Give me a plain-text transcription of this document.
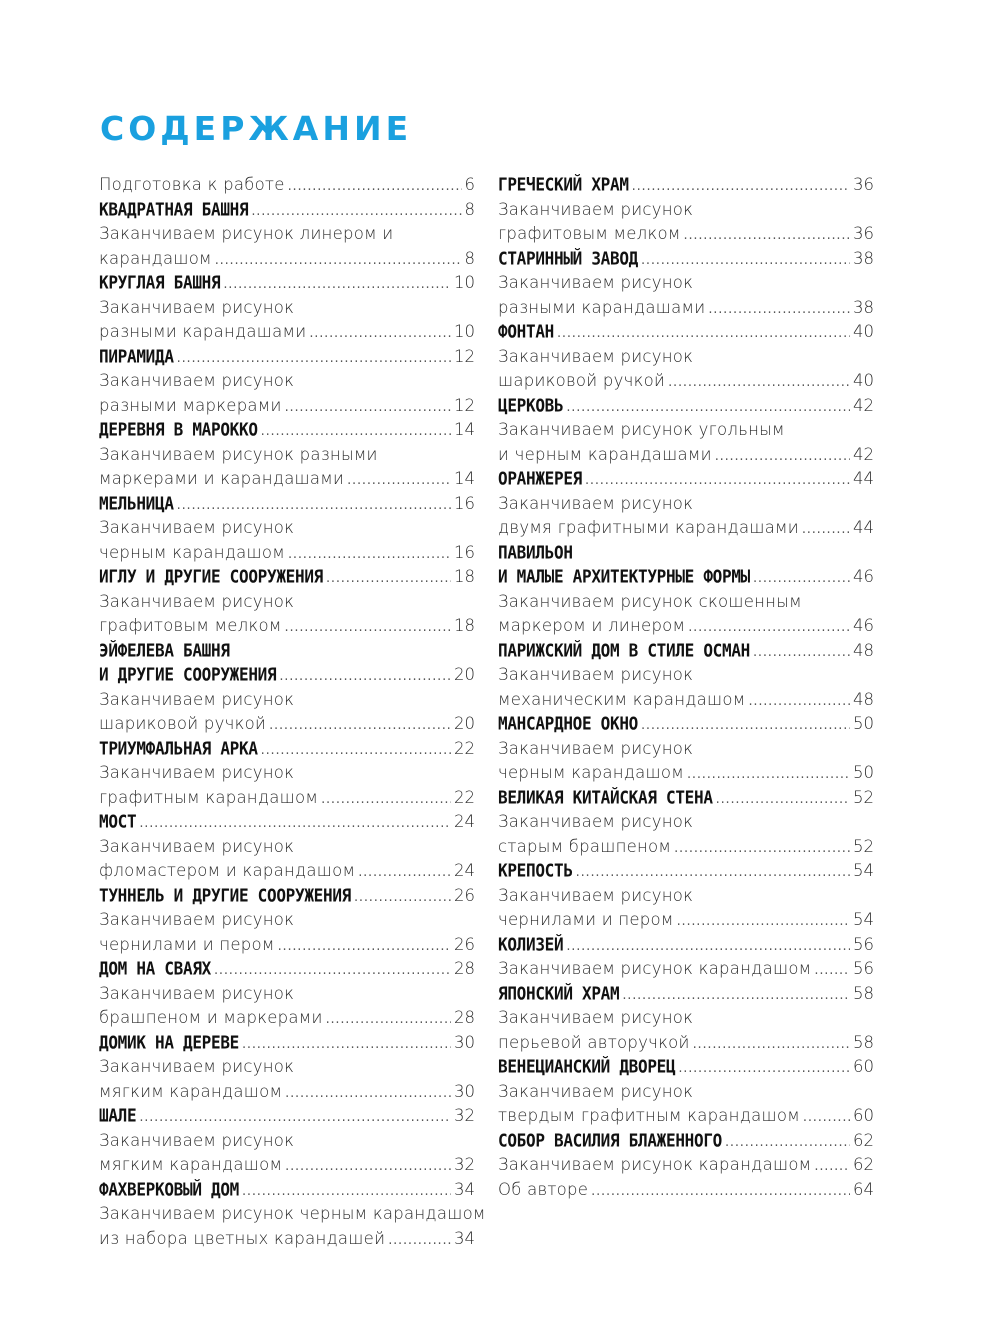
СОДЕРЖАНИЕ
Подготовка к работе .....	6
КВАДРАТНАЯ БАШНЯ .....	8
Заканчиваем рисунок линером и
карандашом .....	8
КРУГЛАЯ БАШНЯ .....	10
Заканчиваем рисунок
разными карандашами .....	10
ПИРАМИДА .....	12
Заканчиваем рисунок
разными маркерами .....	12
ДЕРЕВНЯ В МАРОККО .....	14
Заканчиваем рисунок разными
маркерами и карандашами .....	14
МЕЛЬНИЦА .....	16
Заканчиваем рисунок
черным карандашом .....	16
ИГЛУ И ДРУГИЕ СООРУЖЕНИЯ .....	18
Заканчиваем рисунок
графитовым мелком .....	18
ЭЙФЕЛЕВА БАШНЯ
И ДРУГИЕ СООРУЖЕНИЯ .....	20
Заканчиваем рисунок
шариковой ручкой .....	20
ТРИУМФАЛЬНАЯ АРКА .....	22
Заканчиваем рисунок
графитным карандашом .....	22
МОСТ .....	24
Заканчиваем рисунок
фломастером и карандашом .....	24
ТУННЕЛЬ И ДРУГИЕ СООРУЖЕНИЯ .....	26
Заканчиваем рисунок
чернилами и пером .....	26
ДОМ НА СВАЯХ .....	28
Заканчиваем рисунок
брашпеном и маркерами .....	28
ДОМИК НА ДЕРЕВЕ .....	30
Заканчиваем рисунок
мягким карандашом .....	30
ШАЛЕ .....	32
Заканчиваем рисунок
мягким карандашом .....	32
ФАХВЕРКОВЫЙ ДОМ .....	34
Заканчиваем рисунок черным карандашом
из набора цветных карандашей .....	34
ГРЕЧЕСКИЙ ХРАМ .....	36
Заканчиваем рисунок
графитовым мелком .....	36
СТАРИННЫЙ ЗАВОД .....	38
Заканчиваем рисунок
разными карандашами .....	38
ФОНТАН .....	40
Заканчиваем рисунок
шариковой ручкой .....	40
ЦЕРКОВЬ .....	42
Заканчиваем рисунок угольным
и черным карандашами .....	42
ОРАНЖЕРЕЯ .....	44
Заканчиваем рисунок
двумя графитными карандашами .....	44
ПАВИЛЬОН
И МАЛЫЕ АРХИТЕКТУРНЫЕ ФОРМЫ .....	46
Заканчиваем рисунок скошенным
маркером и линером .....	46
ПАРИЖСКИЙ ДОМ В СТИЛЕ ОСМАН .....	48
Заканчиваем рисунок
механическим карандашом .....	48
МАНСАРДНОЕ ОКНО .....	50
Заканчиваем рисунок
черным карандашом .....	50
ВЕЛИКАЯ КИТАЙСКАЯ СТЕНА .....	52
Заканчиваем рисунок
старым брашпеном .....	52
КРЕПОСТЬ .....	54
Заканчиваем рисунок
чернилами и пером .....	54
КОЛИЗЕЙ .....	56
Заканчиваем рисунок карандашом .....	56
ЯПОНСКИЙ ХРАМ .....	58
Заканчиваем рисунок
перьевой авторучкой .....	58
ВЕНЕЦИАНСКИЙ ДВОРЕЦ .....	60
Заканчиваем рисунок
твердым графитным карандашом .....	60
СОБОР ВАСИЛИЯ БЛАЖЕННОГО .....	62
Заканчиваем рисунок карандашом .....	62
Об авторе .....	64
